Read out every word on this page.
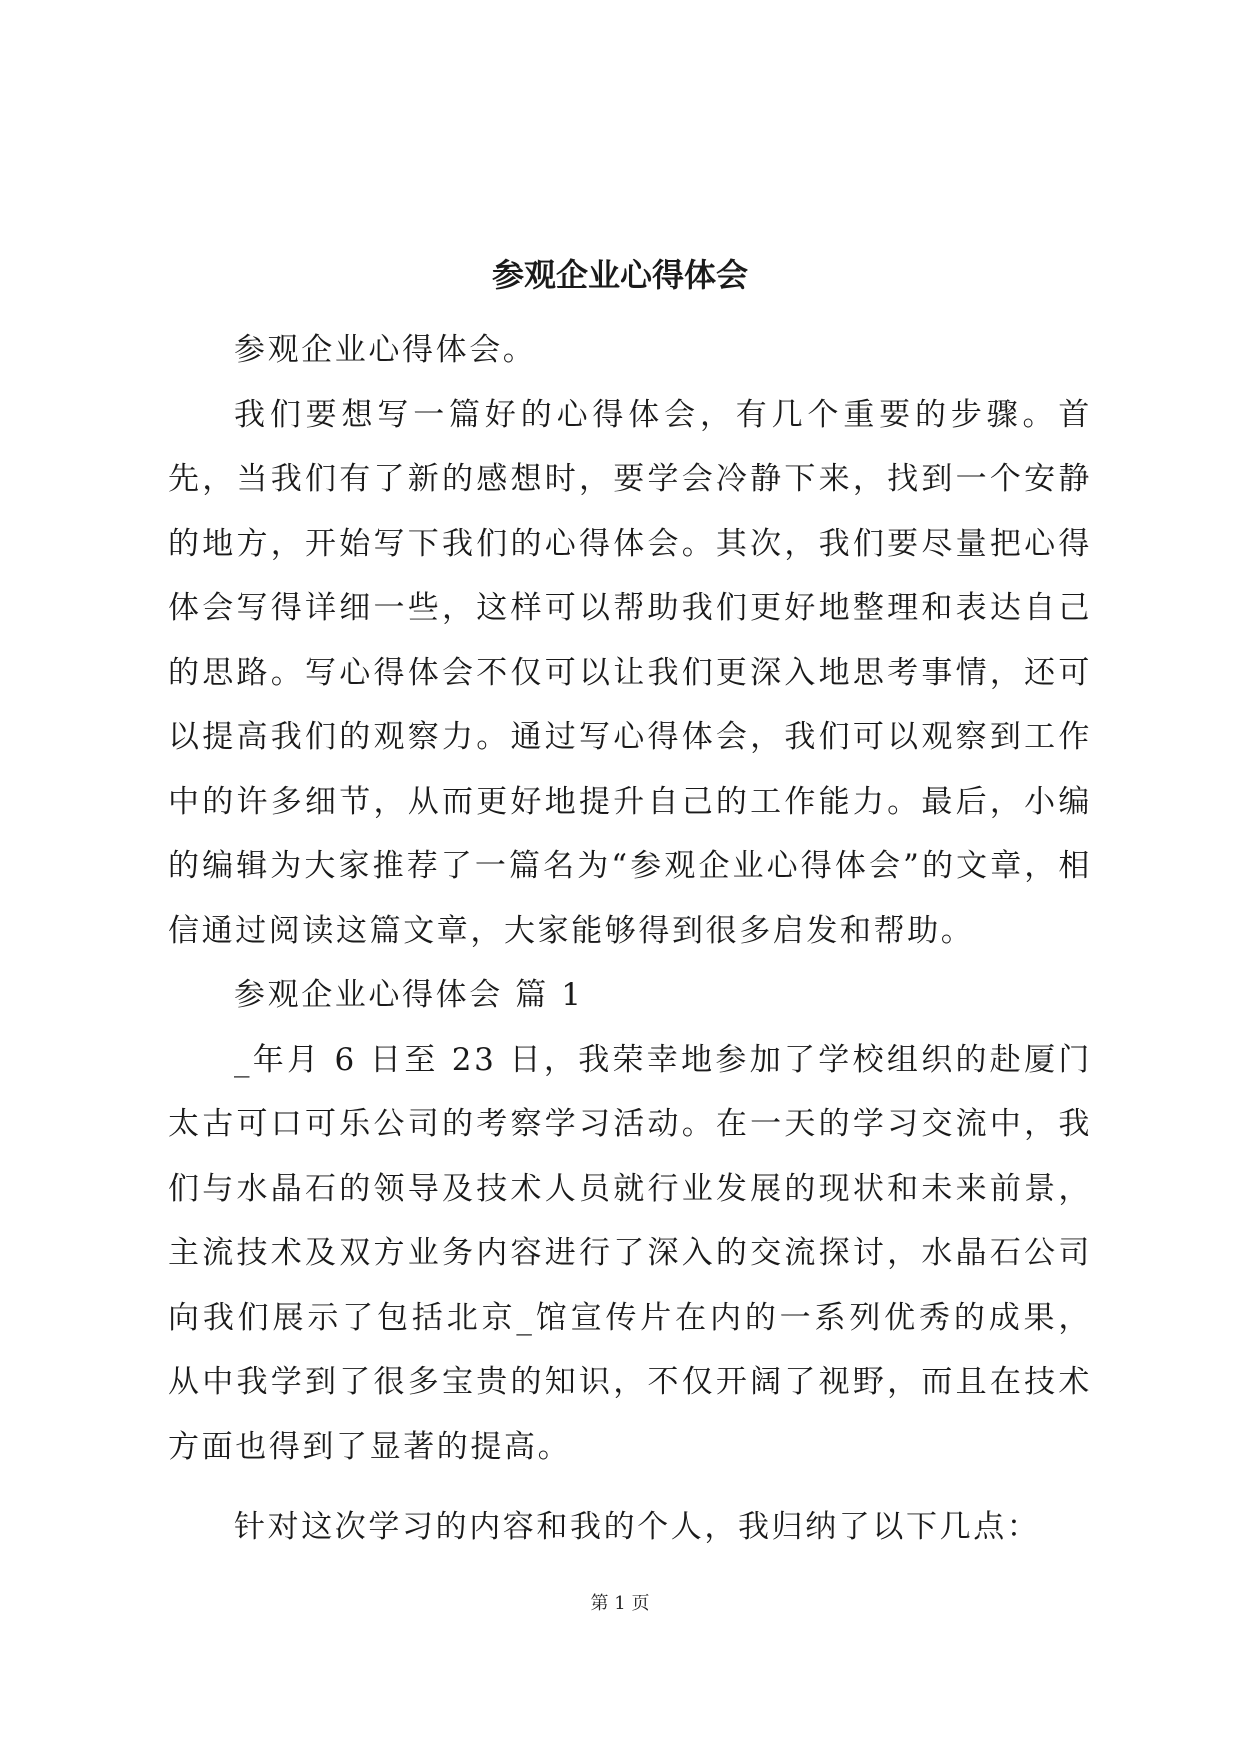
参观企业心得体会

参观企业心得体会。

我们要想写一篇好的心得体会，有几个重要的步骤。首先，当我们有了新的感想时，要学会冷静下来，找到一个安静的地方，开始写下我们的心得体会。其次，我们要尽量把心得体会写得详细一些，这样可以帮助我们更好地整理和表达自己的思路。写心得体会不仅可以让我们更深入地思考事情，还可以提高我们的观察力。通过写心得体会，我们可以观察到工作中的许多细节，从而更好地提升自己的工作能力。最后，小编的编辑为大家推荐了一篇名为“参观企业心得体会”的文章，相信通过阅读这篇文章，大家能够得到很多启发和帮助。

参观企业心得体会 篇 1

_年月 6 日至 23 日，我荣幸地参加了学校组织的赴厦门太古可口可乐公司的考察学习活动。在一天的学习交流中，我们与水晶石的领导及技术人员就行业发展的现状和未来前景，主流技术及双方业务内容进行了深入的交流探讨，水晶石公司向我们展示了包括北京_馆宣传片在内的一系列优秀的成果，从中我学到了很多宝贵的知识，不仅开阔了视野，而且在技术方面也得到了显著的提高。

针对这次学习的内容和我的个人，我归纳了以下几点：

第 1 页
